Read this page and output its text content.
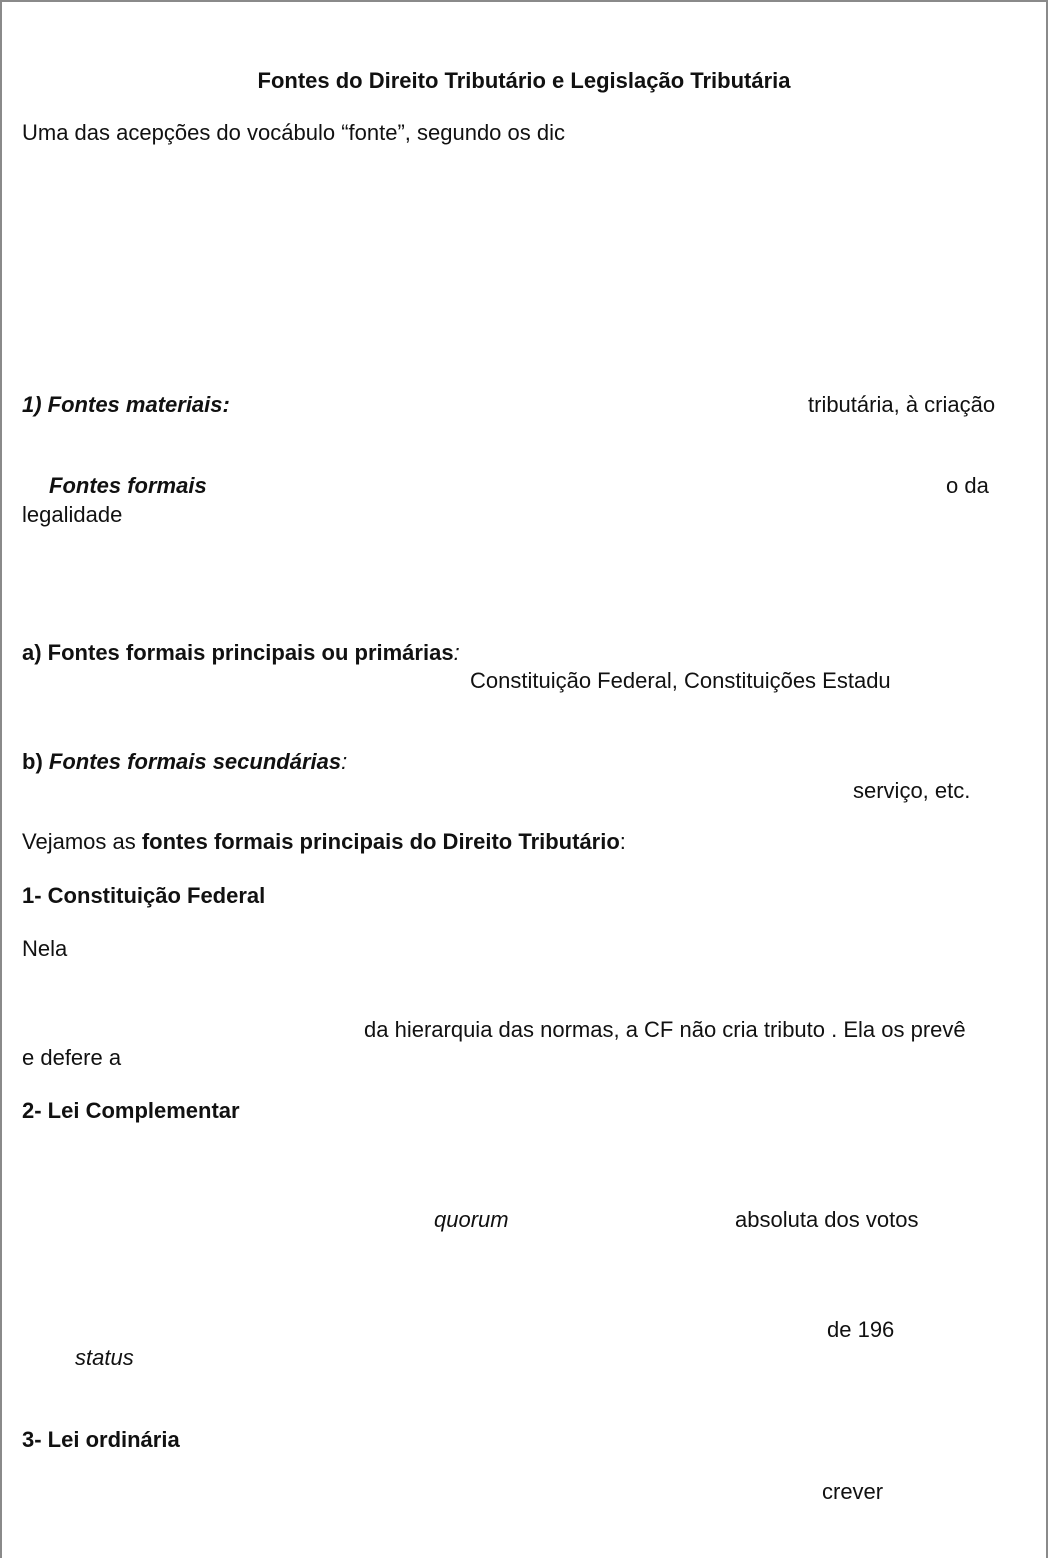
Fontes do Direito Tributário e Legislação Tributária

Uma das acepções do vocábulo “fonte”, segundo os dic

1) Fontes materiais:	tributária, à criação

Fontes formais	o da

legalidade

a) Fontes formais principais ou primárias:

Constituição Federal, Constituições Estadu

b) Fontes formais secundárias:

serviço, etc.

Vejamos as fontes formais principais do Direito Tributário:

1- Constituição Federal

Nela

da hierarquia das normas, a CF não cria tributo . Ela os prevê

e defere a

2- Lei Complementar

quorum	absoluta dos votos

de 196

status

3- Lei ordinária

crever
